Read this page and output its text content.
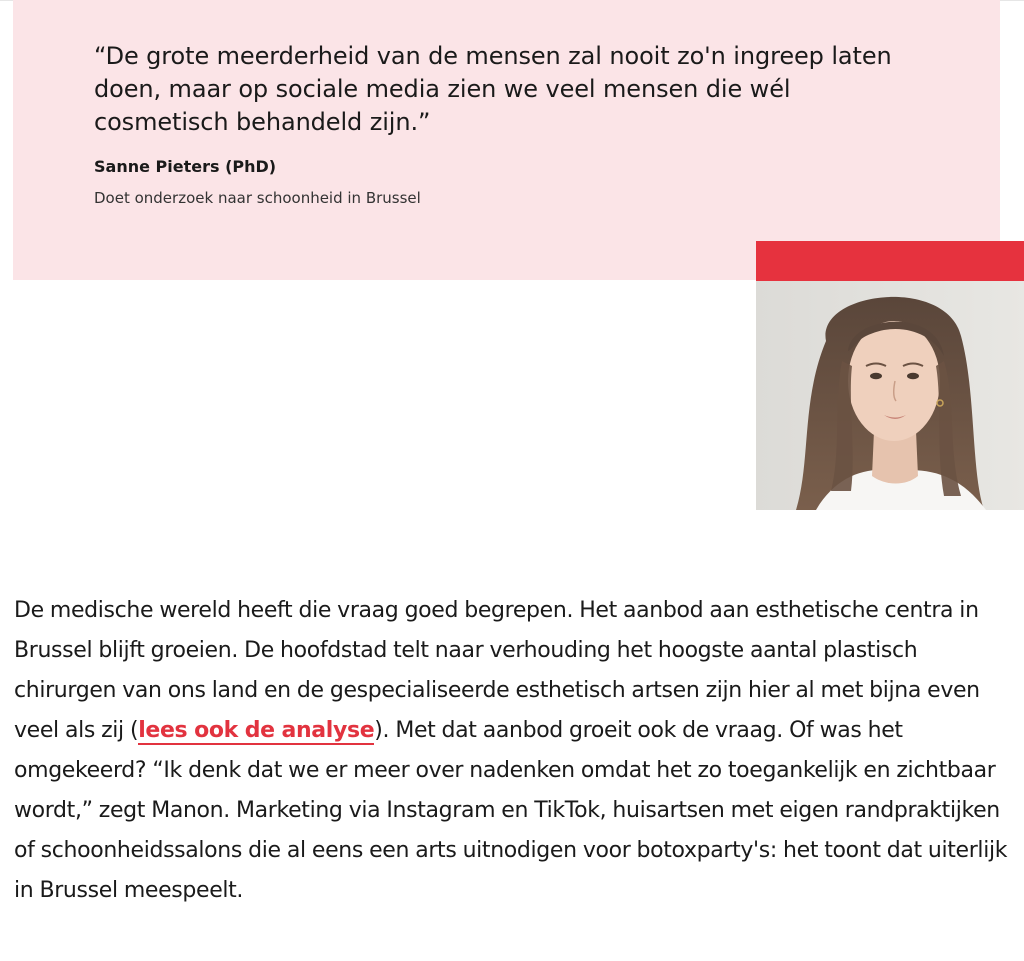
“De grote meerderheid van de mensen zal nooit zo'n ingreep laten doen, maar op sociale media zien we veel mensen die wél cosmetisch behandeld zijn.”

Sanne Pieters (PhD)

Doet onderzoek naar schoonheid in Brussel

De medische wereld heeft die vraag goed begrepen. Het aanbod aan esthetische centra in Brussel blijft groeien. De hoofdstad telt naar verhouding het hoogste aantal plastisch chirurgen van ons land en de gespecialiseerde esthetisch artsen zijn hier al met bijna even veel als zij (lees ook de analyse). Met dat aanbod groeit ook de vraag. Of was het omgekeerd? “Ik denk dat we er meer over nadenken omdat het zo toegankelijk en zichtbaar wordt,” zegt Manon. Marketing via Instagram en TikTok, huisartsen met eigen randpraktijken of schoonheidssalons die al eens een arts uitnodigen voor botoxparty's: het toont dat uiterlijk in Brussel meespeelt.
